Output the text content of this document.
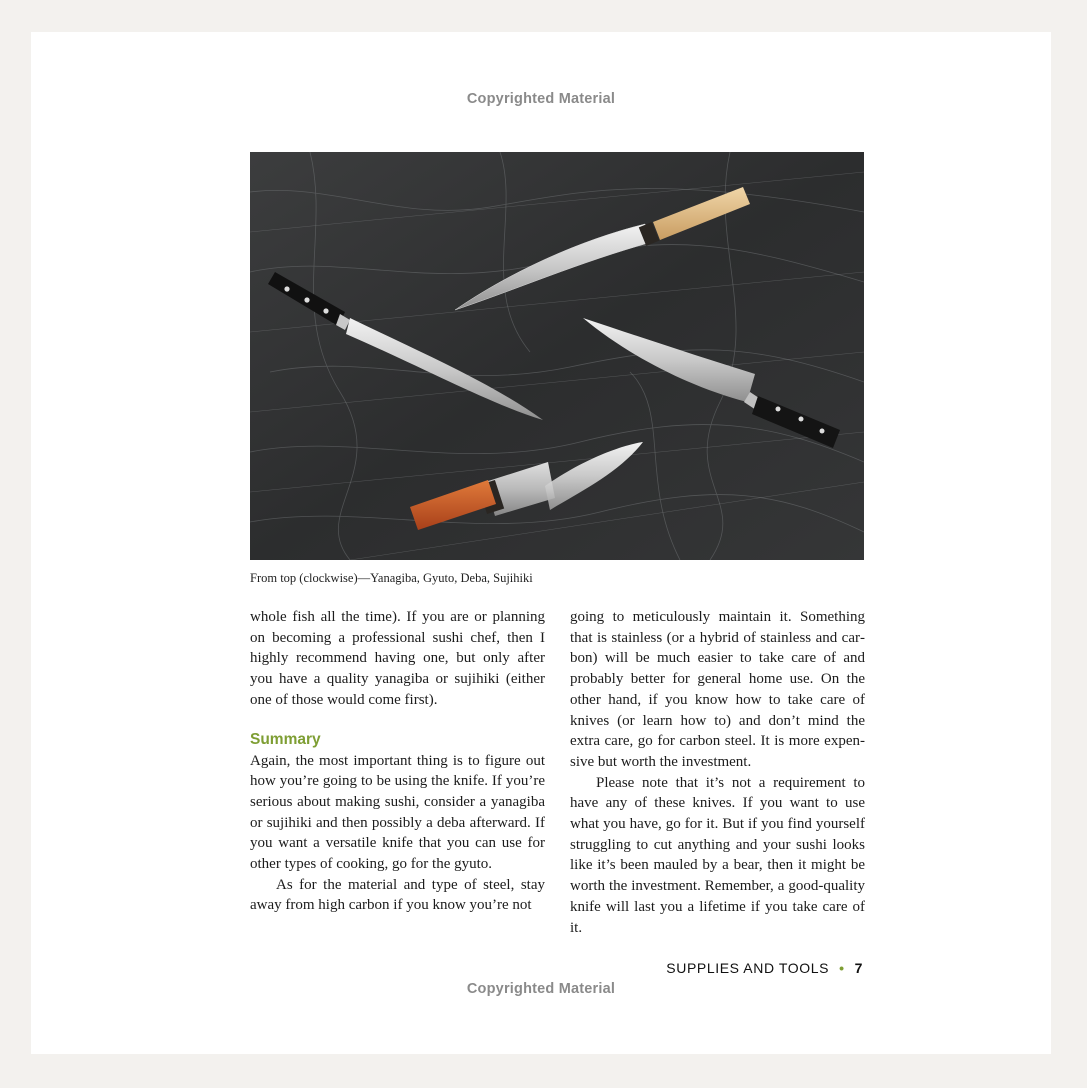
Copyrighted Material
From top (clockwise)—Yanagiba, Gyuto, Deba, Sujihiki

whole fish all the time). If you are or planning on becoming a professional sushi chef, then I highly recommend having one, but only after you have a quality yanagiba or sujihiki (either one of those would come first).

Summary

Again, the most important thing is to figure out how you’re going to be using the knife. If you’re serious about making sushi, consider a yanagiba or sujihiki and then possibly a deba afterward. If you want a versatile knife that you can use for other types of cooking, go for the gyuto.

As for the material and type of steel, stay away from high carbon if you know you’re not

going to meticulously maintain it. Something that is stainless (or a hybrid of stainless and carbon) will be much easier to take care of and probably better for general home use. On the other hand, if you know how to take care of knives (or learn how to) and don’t mind the extra care, go for carbon steel. It is more expensive but worth the investment.

Please note that it’s not a requirement to have any of these knives. If you want to use what you have, go for it. But if you find yourself struggling to cut anything and your sushi looks like it’s been mauled by a bear, then it might be worth the investment. Remember, a good-quality knife will last you a lifetime if you take care of it.

SUPPLIES AND TOOLS • 7
Copyrighted Material
